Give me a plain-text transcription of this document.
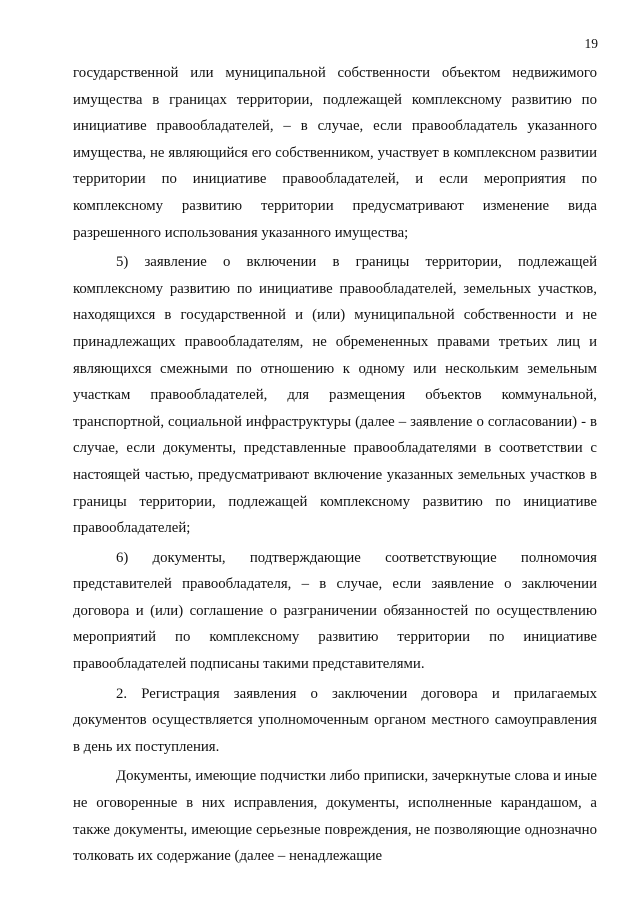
19

государственной или муниципальной собственности объектом недвижимого имущества в границах территории, подлежащей комплексному развитию по инициативе правообладателей, – в случае, если правообладатель указанного имущества, не являющийся его собственником, участвует в комплексном развитии территории по инициативе правообладателей, и если мероприятия по комплексному развитию территории предусматривают изменение вида разрешенного использования указанного имущества;

5) заявление о включении в границы территории, подлежащей комплексному развитию по инициативе правообладателей, земельных участков, находящихся в государственной и (или) муниципальной собственности и не принадлежащих правообладателям, не обремененных правами третьих лиц и являющихся смежными по отношению к одному или нескольким земельным участкам правообладателей, для размещения объектов коммунальной, транспортной, социальной инфраструктуры (далее – заявление о согласовании) - в случае, если документы, представленные правообладателями в соответствии с настоящей частью, предусматривают включение указанных земельных участков в границы территории, подлежащей комплексному развитию по инициативе правообладателей;

6) документы, подтверждающие соответствующие полномочия представителей правообладателя, – в случае, если заявление о заключении договора и (или) соглашение о разграничении обязанностей по осуществлению мероприятий по комплексному развитию территории по инициативе правообладателей подписаны такими представителями.

2. Регистрация заявления о заключении договора и прилагаемых документов осуществляется уполномоченным органом местного самоуправления в день их поступления.

Документы, имеющие подчистки либо приписки, зачеркнутые слова и иные не оговоренные в них исправления, документы, исполненные карандашом, а также документы, имеющие серьезные повреждения, не позволяющие однозначно толковать их содержание (далее – ненадлежащие
